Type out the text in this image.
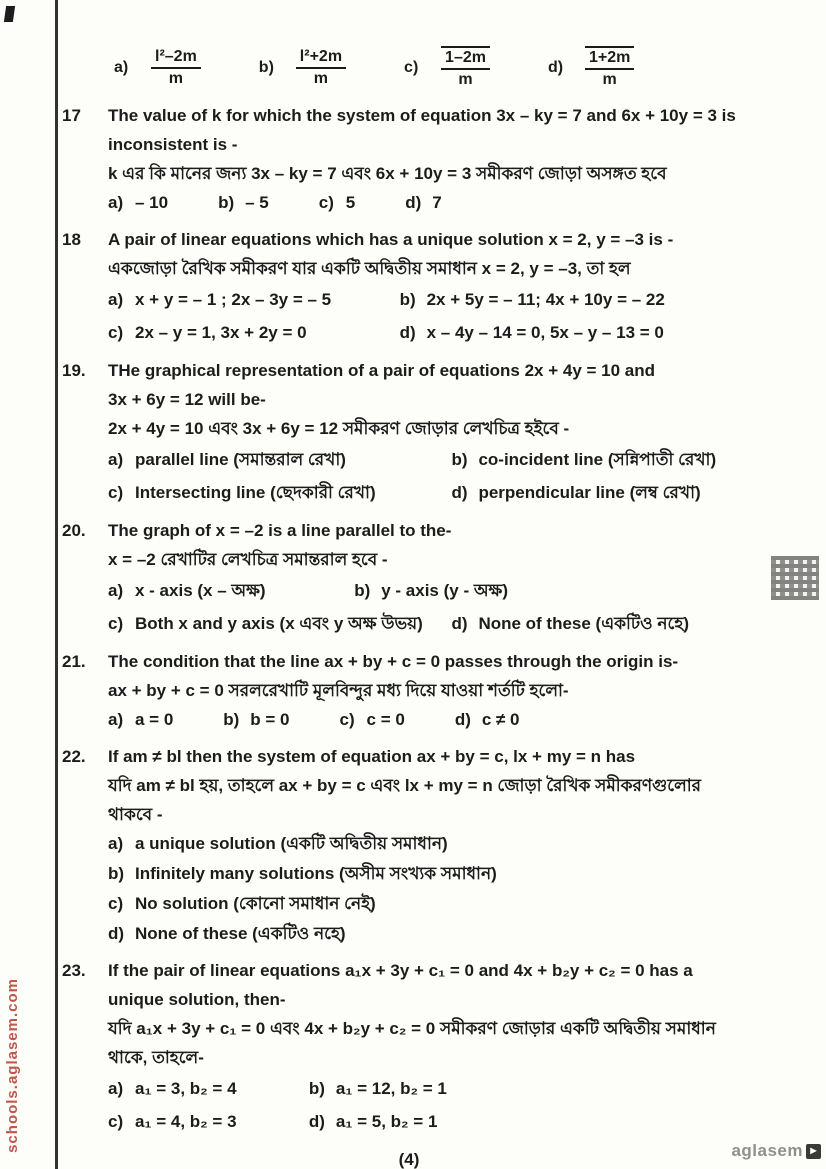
schools.aglasem.com	aglasem ▶
a)	$\frac{\text{l²–2m}}{m}$	b)	$\frac{\text{l²+2m}}{m}$	c)	$\frac{1-2m}{m}$	d)	$\frac{1+2m}{m}$
17	The value of k for which the system of equation 3x – ky = 7 and 6x + 10y = 3 is
inconsistent is -
k এর কি মানের জন্য 3x – ky = 7 এবং 6x + 10y = 3 সমীকরণ জোড়া অসঙ্গত হবে
a) – 10	b) – 5	c) 5	d) 7
18	A pair of linear equations which has a unique solution x = 2, y = –3 is -
একজোড়া রৈখিক সমীকরণ যার একটি অদ্বিতীয় সমাধান x = 2, y = –3, তা হল
a) x + y = – 1 ; 2x – 3y = – 5	b) 2x + 5y = – 11; 4x + 10y = – 22
c) 2x – y = 1, 3x + 2y = 0	d) x – 4y – 14 = 0, 5x – y – 13 = 0
19.	THe graphical representation of a pair of equations 2x + 4y = 10 and
3x + 6y = 12 will be-
2x + 4y = 10 এবং 3x + 6y = 12 সমীকরণ জোড়ার লেখচিত্র হইবে -
a) parallel line (সমান্তরাল রেখা)	b) co-incident line (সন্নিপাতী রেখা)
c) Intersecting line (ছেদকারী রেখা)	d) perpendicular line (লম্ব রেখা)
20.	The graph of x = –2 is a line parallel to the-
x = –2 রেখাটির লেখচিত্র সমান্তরাল হবে -
a) x - axis (x – অক্ষ)	b) y - axis (y - অক্ষ)
c) Both x and y axis (x এবং y অক্ষ উভয়)	d) None of these (একটিও নহে)
21.	The condition that the line ax + by + c = 0 passes through the origin is-
ax + by + c = 0 সরলরেখাটি মূলবিন্দুর মধ্য দিয়ে যাওয়া শর্তটি হলো-
a) a = 0	b) b = 0	c) c = 0	d) c ≠ 0
22.	If am ≠ bl then the system of equation ax + by = c, lx + my = n has
যদি am ≠ bl হয়, তাহলে ax + by = c এবং lx + my = n জোড়া রৈখিক সমীকরণগুলোর
থাকবে -
a) a unique solution (একটি অদ্বিতীয় সমাধান)
b) Infinitely many solutions (অসীম সংখ্যক সমাধান)
c) No solution (কোনো সমাধান নেই)
d) None of these (একটিও নহে)
23.	If the pair of linear equations a₁x + 3y + c₁ = 0 and 4x + b₂y + c₂ = 0 has a
unique solution, then-
যদি a₁x + 3y + c₁ = 0 এবং 4x + b₂y + c₂ = 0 সমীকরণ জোড়ার একটি অদ্বিতীয় সমাধান
থাকে, তাহলে-
a) a₁ = 3, b₂ = 4	b) a₁ = 12, b₂ = 1
c) a₁ = 4, b₂ = 3	d) a₁ = 5, b₂ = 1
(4)
